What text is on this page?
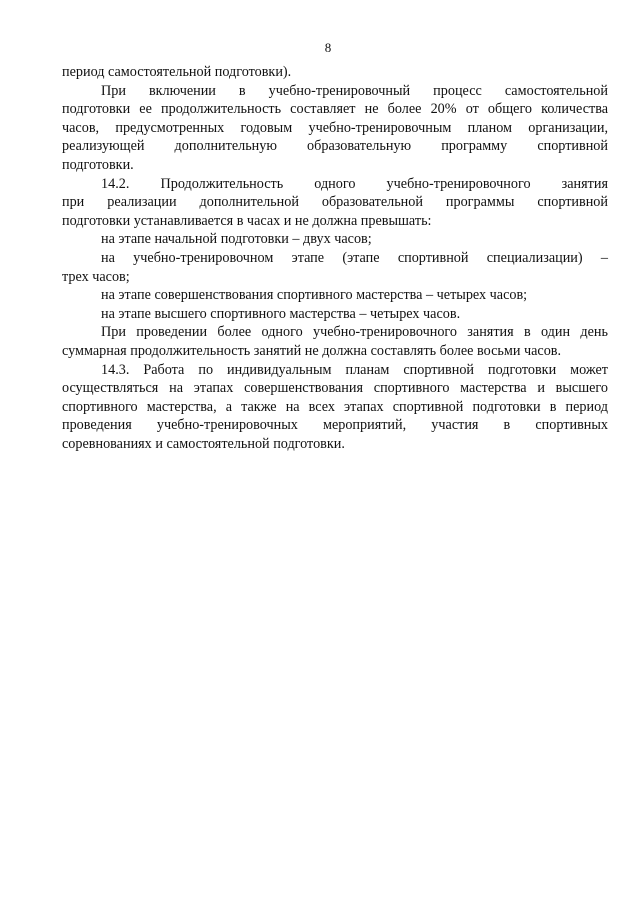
8
период самостоятельной подготовки).
При включении в учебно-тренировочный процесс самостоятельной
подготовки ее продолжительность составляет не более 20% от общего количества
часов, предусмотренных годовым учебно-тренировочным планом организации,
реализующей дополнительную образовательную программу спортивной
подготовки.
14.2. Продолжительность одного учебно-тренировочного занятия
при реализации дополнительной образовательной программы спортивной
подготовки устанавливается в часах и не должна превышать:
на этапе начальной подготовки – двух часов;
на учебно-тренировочном этапе (этапе спортивной специализации) –
трех часов;
на этапе совершенствования спортивного мастерства – четырех часов;
на этапе высшего спортивного мастерства – четырех часов.
При проведении более одного учебно-тренировочного занятия в один день
суммарная продолжительность занятий не должна составлять более восьми часов.
14.3. Работа по индивидуальным планам спортивной подготовки может
осуществляться на этапах совершенствования спортивного мастерства и высшего
спортивного мастерства, а также на всех этапах спортивной подготовки в период
проведения учебно-тренировочных мероприятий, участия в спортивных
соревнованиях и самостоятельной подготовки.
